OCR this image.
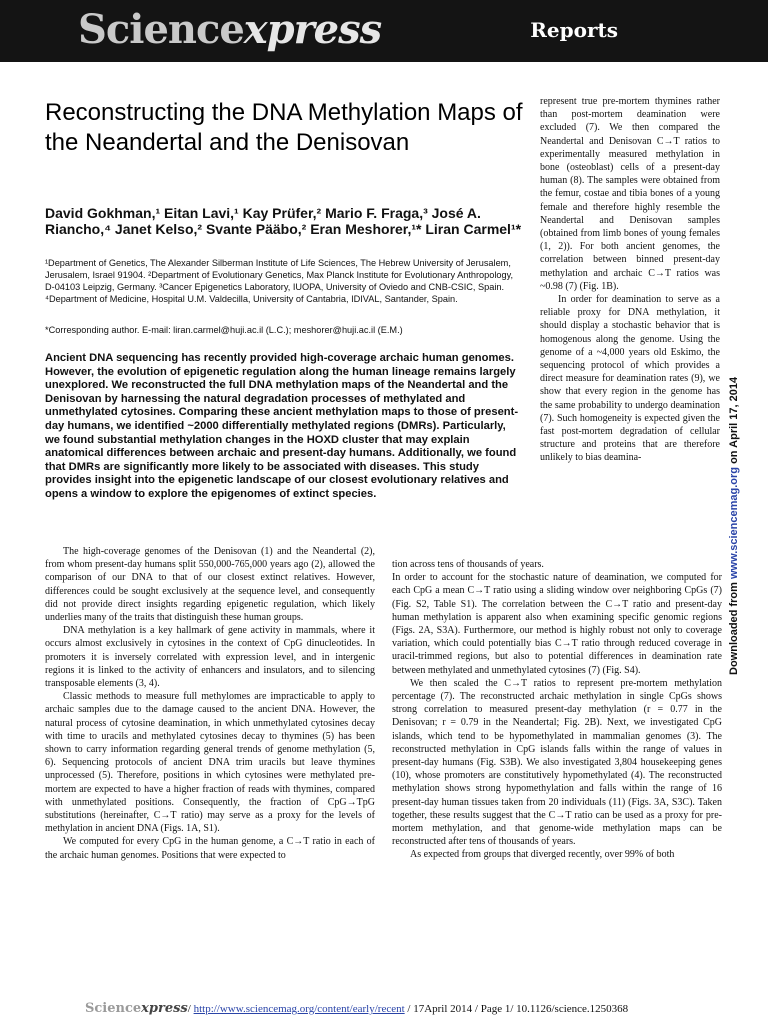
Sciencexpress	Reports
Reconstructing the DNA Methylation Maps of the Neandertal and the Denisovan
David Gokhman,¹ Eitan Lavi,¹ Kay Prüfer,² Mario F. Fraga,³ José A. Riancho,⁴ Janet Kelso,² Svante Pääbo,² Eran Meshorer,¹* Liran Carmel¹*
¹Department of Genetics, The Alexander Silberman Institute of Life Sciences, The Hebrew University of Jerusalem, Jerusalem, Israel 91904. ²Department of Evolutionary Genetics, Max Planck Institute for Evolutionary Anthropology, D-04103 Leipzig, Germany. ³Cancer Epigenetics Laboratory, IUOPA, University of Oviedo and CNB-CSIC, Spain. ⁴Department of Medicine, Hospital U.M. Valdecilla, University of Cantabria, IDIVAL, Santander, Spain.
*Corresponding author. E-mail: liran.carmel@huji.ac.il (L.C.); meshorer@huji.ac.il (E.M.)
Ancient DNA sequencing has recently provided high-coverage archaic human genomes. However, the evolution of epigenetic regulation along the human lineage remains largely unexplored. We reconstructed the full DNA methylation maps of the Neandertal and the Denisovan by harnessing the natural degradation processes of methylated and unmethylated cytosines. Comparing these ancient methylation maps to those of present-day humans, we identified ~2000 differentially methylated regions (DMRs). Particularly, we found substantial methylation changes in the HOXD cluster that may explain anatomical differences between archaic and present-day humans. Additionally, we found that DMRs are significantly more likely to be associated with diseases. This study provides insight into the epigenetic landscape of our closest evolutionary relatives and opens a window to explore the epigenomes of extinct species.

represent true pre-mortem thymines rather than post-mortem deamination were excluded (7). We then compared the Neandertal and Denisovan C→T ratios to experimentally measured methylation in bone (osteoblast) cells of a present-day human (8). The samples were obtained from the femur, costae and tibia bones of a young female and therefore highly resemble the Neandertal and Denisovan samples (obtained from limb bones of young females (1, 2)). For both ancient genomes, the correlation between binned present-day methylation and archaic C→T ratios was ~0.98 (7) (Fig. 1B).

In order for deamination to serve as a reliable proxy for DNA methylation, it should display a stochastic behavior that is homogenous along the genome. Using the genome of a ~4,000 years old Eskimo, the sequencing protocol of which provides a direct measure for deamination rates (9), we show that every region in the genome has the same probability to undergo deamination (7). Such homogeneity is expected given the fast post-mortem degradation of cellular structure and proteins that are therefore unlikely to bias deamina-

The high-coverage genomes of the Denisovan (1) and the Neandertal (2), from whom present-day humans split 550,000-765,000 years ago (2), allowed the comparison of our DNA to that of our closest extinct relatives. However, differences could be sought exclusively at the sequence level, and consequently did not provide direct insights regarding epigenetic regulation, which likely underlies many of the traits that distinguish these human groups.

DNA methylation is a key hallmark of gene activity in mammals, where it occurs almost exclusively in cytosines in the context of CpG dinucleotides. In promoters it is inversely correlated with expression level, and in intergenic regions it is linked to the activity of enhancers and insulators, and to silencing transposable elements (3, 4).

Classic methods to measure full methylomes are impracticable to apply to archaic samples due to the damage caused to the ancient DNA. However, the natural process of cytosine deamination, in which unmethylated cytosines decay with time to uracils and methylated cytosines decay to thymines (5) has been shown to carry information regarding general trends of genome methylation (5, 6). Sequencing protocols of ancient DNA trim uracils but leave thymines unprocessed (5). Therefore, positions in which cytosines were methylated pre-mortem are expected to have a higher fraction of reads with thymines, compared with unmethylated positions. Consequently, the fraction of CpG→TpG substitutions (hereinafter, C→T ratio) may serve as a proxy for the levels of methylation in ancient DNA (Figs. 1A, S1).

We computed for every CpG in the human genome, a C→T ratio in each of the archaic human genomes. Positions that were expected to

tion across tens of thousands of years.

In order to account for the stochastic nature of deamination, we computed for each CpG a mean C→T ratio using a sliding window over neighboring CpGs (7) (Fig. S2, Table S1). The correlation between the C→T ratio and present-day human methylation is apparent also when examining specific genomic regions (Figs. 2A, S3A). Furthermore, our method is highly robust not only to coverage variation, which could potentially bias C→T ratio through reduced coverage in uracil-trimmed regions, but also to potential differences in deamination rate between methylated and unmethylated cytosines (7) (Fig. S4).

We then scaled the C→T ratios to represent pre-mortem methylation percentage (7). The reconstructed archaic methylation in single CpGs shows strong correlation to measured present-day methylation (r = 0.77 in the Denisovan; r = 0.79 in the Neandertal; Fig. 2B). Next, we investigated CpG islands, which tend to be hypomethylated in mammalian genomes (3). The reconstructed methylation in CpG islands falls within the range of values in present-day humans (Fig. S3B). We also investigated 3,804 housekeeping genes (10), whose promoters are constitutively hypomethylated (4). The reconstructed methylation shows strong hypomethylation and falls within the range of 16 present-day human tissues taken from 20 individuals (11) (Figs. 3A, S3C). Taken together, these results suggest that the C→T ratio can be used as a proxy for pre-mortem methylation, and that genome-wide methylation maps can be reconstructed after tens of thousands of years.

As expected from groups that diverged recently, over 99% of both

Downloaded from www.sciencemag.org on April 17, 2014
Sciencexpress/ http://www.sciencemag.org/content/early/recent / 17April 2014 / Page 1/ 10.1126/science.1250368
